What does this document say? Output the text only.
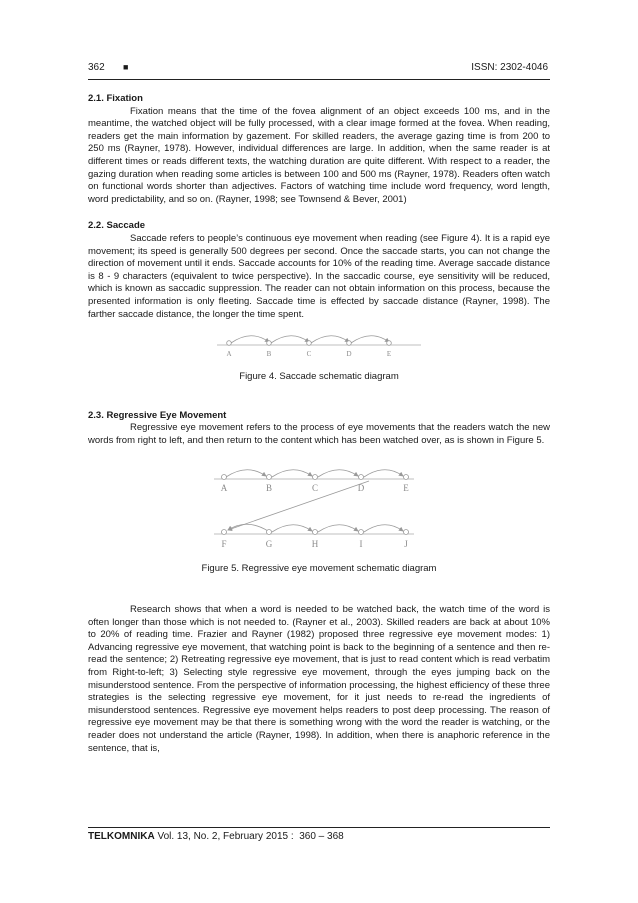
362 ■	ISSN: 2302-4046
2.1. Fixation

Fixation means that the time of the fovea alignment of an object exceeds 100 ms, and in the meantime, the watched object will be fully processed, with a clear image formed at the fovea. When reading, readers get the main information by gazement. For skilled readers, the average gazing time is from 200 to 250 ms (Rayner, 1978). However, individual differences are large. In addition, when the same reader is at different times or reads different texts, the watching duration are quite different. With respect to a reader, the gazing duration when reading some articles is between 100 and 500 ms (Rayner, 1978). Readers often watch on functional words shorter than adjectives. Factors of watching time include word frequency, word length, word predictability, and so on. (Rayner, 1998; see Townsend & Bever, 2001)

2.2. Saccade

Saccade refers to people’s continuous eye movement when reading (see Figure 4). It is a rapid eye movement; its speed is generally 500 degrees per second. Once the saccade starts, you can not change the direction of movement until it ends. Saccade accounts for 10% of the reading time. Average saccade distance is 8 - 9 characters (equivalent to twice perspective). In the saccadic course, eye sensitivity will be reduced, which is known as saccadic suppression. The reader can not obtain information on this process, because the presented information is only fleeting. Saccade time is effected by saccade distance (Rayner, 1998). The farther saccade distance, the longer the time spent.

A	B	C	D	E
Figure 4. Saccade schematic diagram
2.3. Regressive Eye Movement

Regressive eye movement refers to the process of eye movements that the readers watch the new words from right to left, and then return to the content which has been watched over, as is shown in Figure 5.

A	B	C	D	E
F	G	H	I	J
Figure 5. Regressive eye movement schematic diagram

Research shows that when a word is needed to be watched back, the watch time of the word is often longer than those which is not needed to. (Rayner et al., 2003). Skilled readers are back at about 10% to 20% of reading time. Frazier and Rayner (1982) proposed three regressive eye movement modes: 1) Advancing regressive eye movement, that watching point is back to the beginning of a sentence and then re-read the sentence; 2) Retreating regressive eye movement, that is just to read content which is read verbatim from Right-to-left; 3) Selecting style regressive eye movement, through the eyes jumping back on the misunderstood sentence. From the perspective of information processing, the highest efficiency of these three strategies is the selecting regressive eye movement, for it just needs to re-read the ingredients of misunderstood sentences. Regressive eye movement helps readers to post deep processing. The reason of regressive eye movement may be that there is something wrong with the word the reader is watching, or the reader does not understand the article (Rayner, 1998). In addition, when there is anaphoric reference in the sentence, that is,

TELKOMNIKA Vol. 13, No. 2, February 2015 :  360 – 368
